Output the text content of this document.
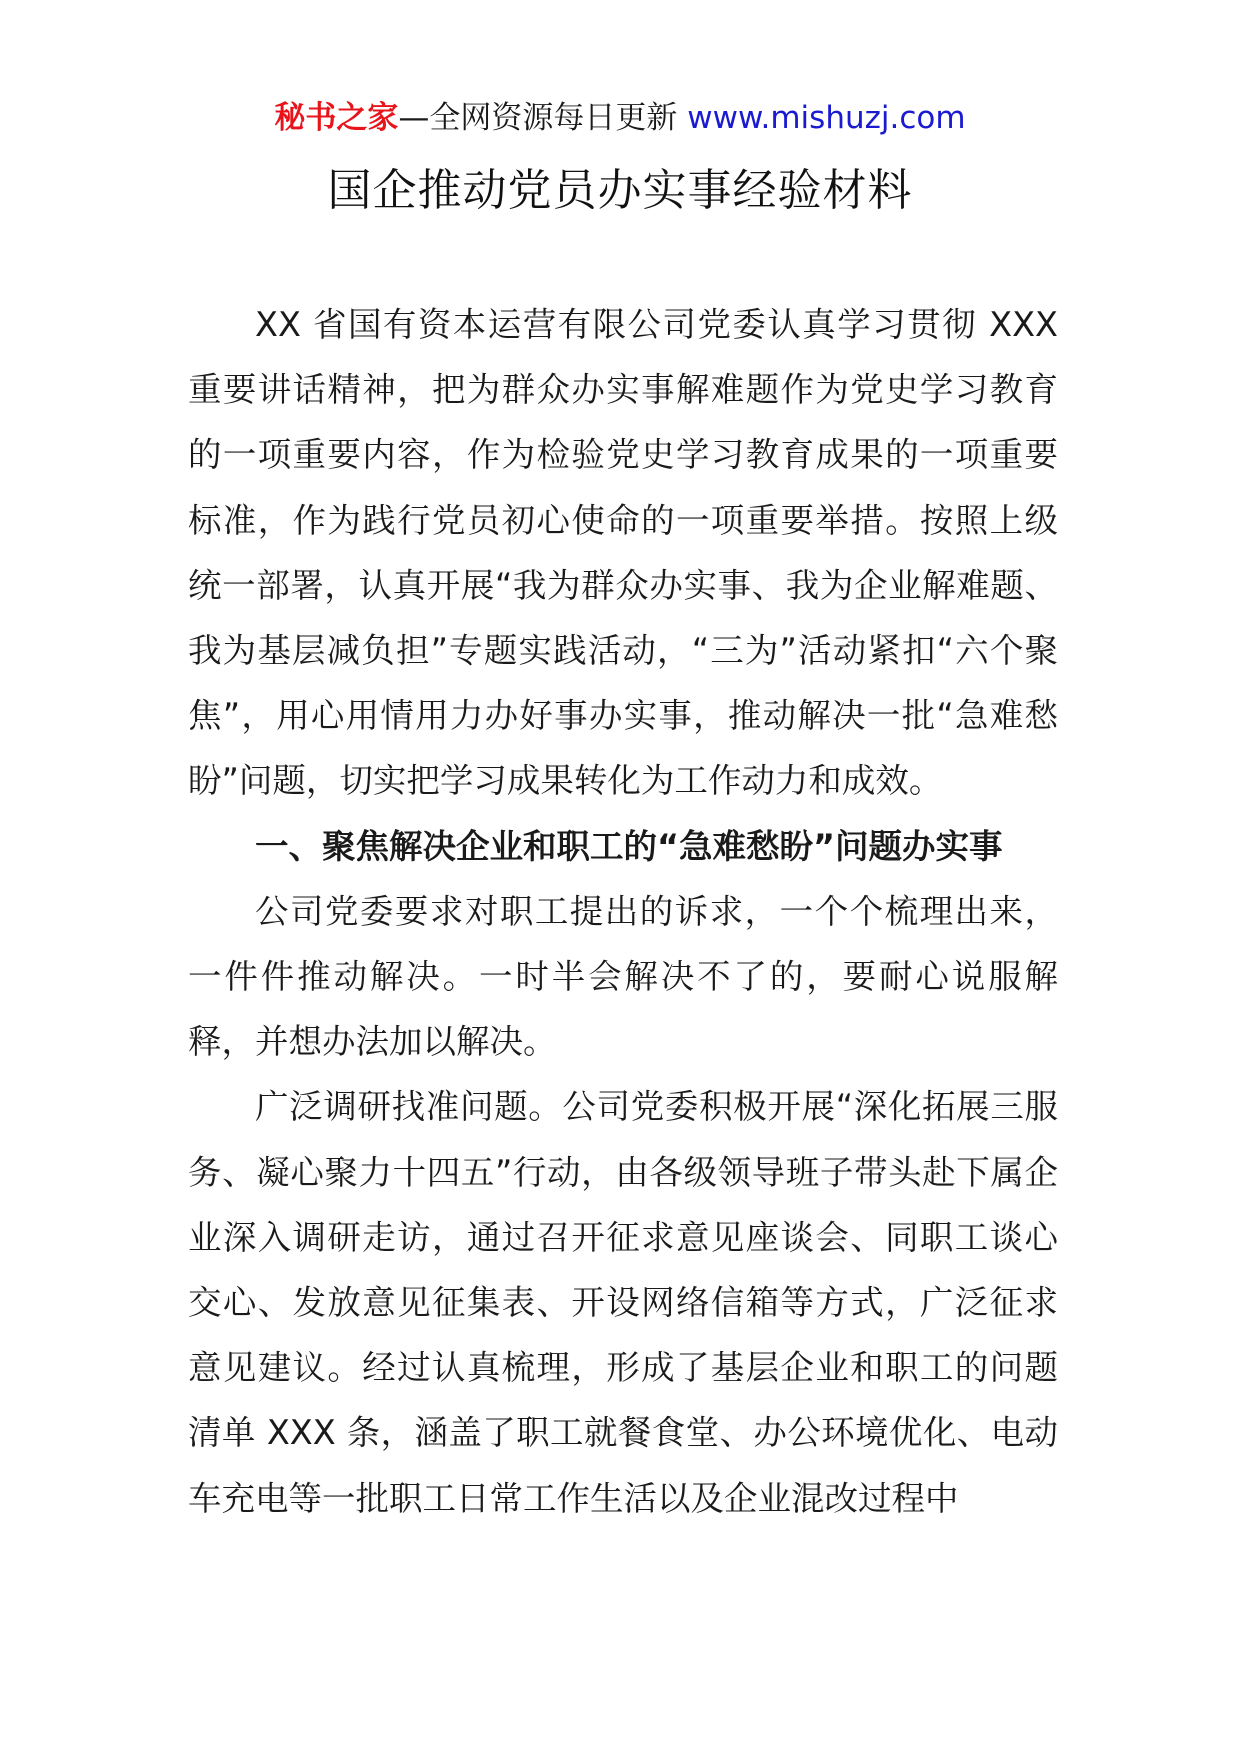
秘书之家—全网资源每日更新 www.mishuzj.com
国企推动党员办实事经验材料

XX 省国有资本运营有限公司党委认真学习贯彻 XXX 重要讲话精神，把为群众办实事解难题作为党史学习教育的一项重要内容，作为检验党史学习教育成果的一项重要标准，作为践行党员初心使命的一项重要举措。按照上级统一部署，认真开展“我为群众办实事、我为企业解难题、我为基层减负担”专题实践活动，“三为”活动紧扣“六个聚焦”，用心用情用力办好事办实事，推动解决一批“急难愁盼”问题，切实把学习成果转化为工作动力和成效。

一、聚焦解决企业和职工的“急难愁盼”问题办实事

公司党委要求对职工提出的诉求，一个个梳理出来，一件件推动解决。一时半会解决不了的，要耐心说服解释，并想办法加以解决。

广泛调研找准问题。公司党委积极开展“深化拓展三服务、凝心聚力十四五”行动，由各级领导班子带头赴下属企业深入调研走访，通过召开征求意见座谈会、同职工谈心交心、发放意见征集表、开设网络信箱等方式，广泛征求意见建议。经过认真梳理，形成了基层企业和职工的问题清单 XXX 条，涵盖了职工就餐食堂、办公环境优化、电动车充电等一批职工日常工作生活以及企业混改过程中
